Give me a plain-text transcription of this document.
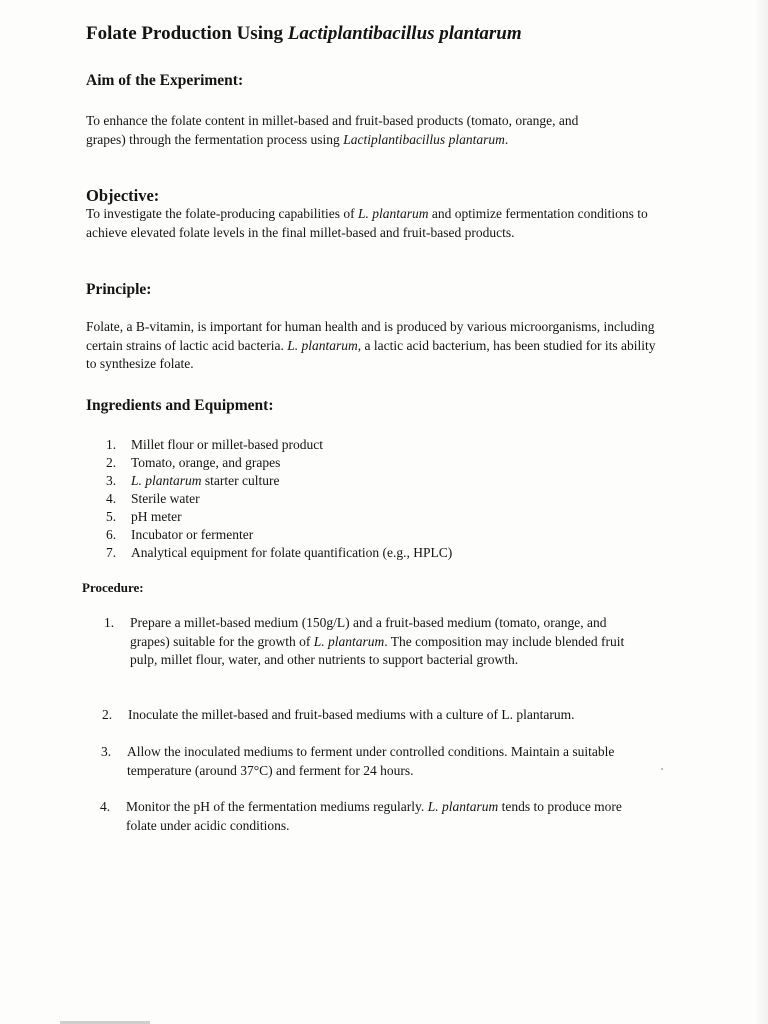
Folate Production Using Lactiplantibacillus plantarum
Aim of the Experiment:
To enhance the folate content in millet-based and fruit-based products (tomato, orange, and grapes) through the fermentation process using Lactiplantibacillus plantarum.
Objective:
To investigate the folate-producing capabilities of L. plantarum and optimize fermentation conditions to achieve elevated folate levels in the final millet-based and fruit-based products.
Principle:
Folate, a B-vitamin, is important for human health and is produced by various microorganisms, including certain strains of lactic acid bacteria. L. plantarum, a lactic acid bacterium, has been studied for its ability to synthesize folate.
Ingredients and Equipment:
1. Millet flour or millet-based product
2. Tomato, orange, and grapes
3. L. plantarum starter culture
4. Sterile water
5. pH meter
6. Incubator or fermenter
7. Analytical equipment for folate quantification (e.g., HPLC)
Procedure:
1. Prepare a millet-based medium (150g/L) and a fruit-based medium (tomato, orange, and grapes) suitable for the growth of L. plantarum. The composition may include blended fruit pulp, millet flour, water, and other nutrients to support bacterial growth.
2. Inoculate the millet-based and fruit-based mediums with a culture of L. plantarum.
3. Allow the inoculated mediums to ferment under controlled conditions. Maintain a suitable temperature (around 37°C) and ferment for 24 hours.
4. Monitor the pH of the fermentation mediums regularly. L. plantarum tends to produce more folate under acidic conditions.
